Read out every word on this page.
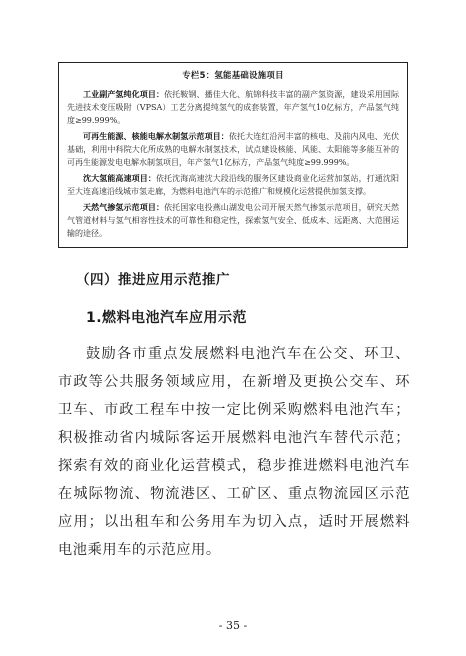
专栏5：氢能基础设施项目

工业副产氢纯化项目：依托鞍钢、播佳大化、航锦科技丰富的副产氢资源，建设采用国际先进技术变压吸附（VPSA）工艺分离提纯氢气的成套装置，年产氢气10亿标方，产品氢气纯度≥99.999%。

可再生能源、核能电解水制氢示范项目：依托大连红沿河丰富的核电、及前内风电、光伏基础，利用中科院大化所成熟的电解水制氢技术，试点建设核能、风能、太阳能等多能互补的可再生能源发电电解水制氢项目，年产氢气1亿标方，产品氢气纯度≥99.999%。

沈大氢能高速项目：依托沈海高速沈大段沿线的服务区建设商业化运营加氢站，打通沈阳至大连高速沿线城市氢走廊，为燃料电池汽车的示范推广和规模化运营提供加氢支撑。

天然气掺氢示范项目：依托国家电投燕山湖发电公司开展天然气掺氢示范项目，研究天然气管道材料与氢气相容性技术的可靠性和稳定性，探索氢气安全、低成本、远距离、大范围运输的途径。

（四）推进应用示范推广
1.燃料电池汽车应用示范

鼓励各市重点发展燃料电池汽车在公交、环卫、市政等公共服务领域应用，在新增及更换公交车、环卫车、市政工程车中按一定比例采购燃料电池汽车；积极推动省内城际客运开展燃料电池汽车替代示范；探索有效的商业化运营模式，稳步推进燃料电池汽车在城际物流、物流港区、工矿区、重点物流园区示范应用；以出租车和公务用车为切入点，适时开展燃料电池乘用车的示范应用。

- 35 -
